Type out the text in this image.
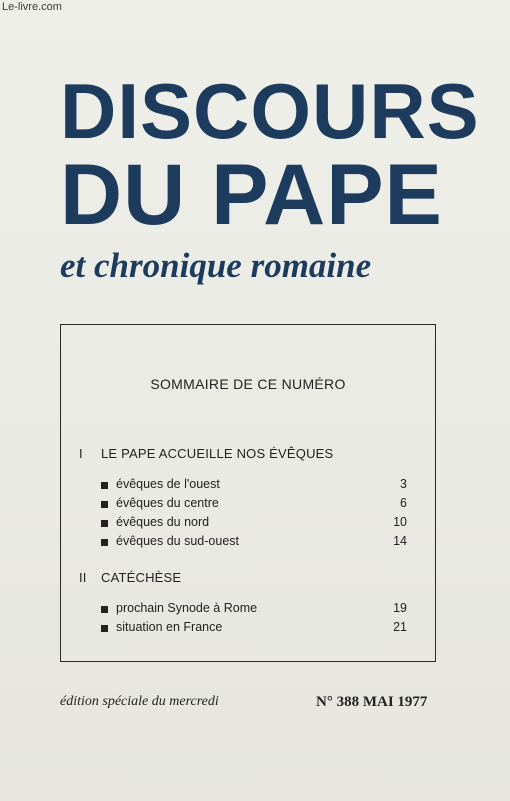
Le-livre.com
DISCOURS
DU PAPE
et chronique romaine
SOMMAIRE DE CE NUMÉRO
I LE PAPE ACCUEILLE NOS ÉVÊQUES
évêques de l'ouest	3
évêques du centre	6
évêques du nord	10
évêques du sud-ouest	14
II CATÉCHÈSE
prochain Synode à Rome	19
situation en France	21
édition spéciale du mercredi	N° 388 MAI 1977
